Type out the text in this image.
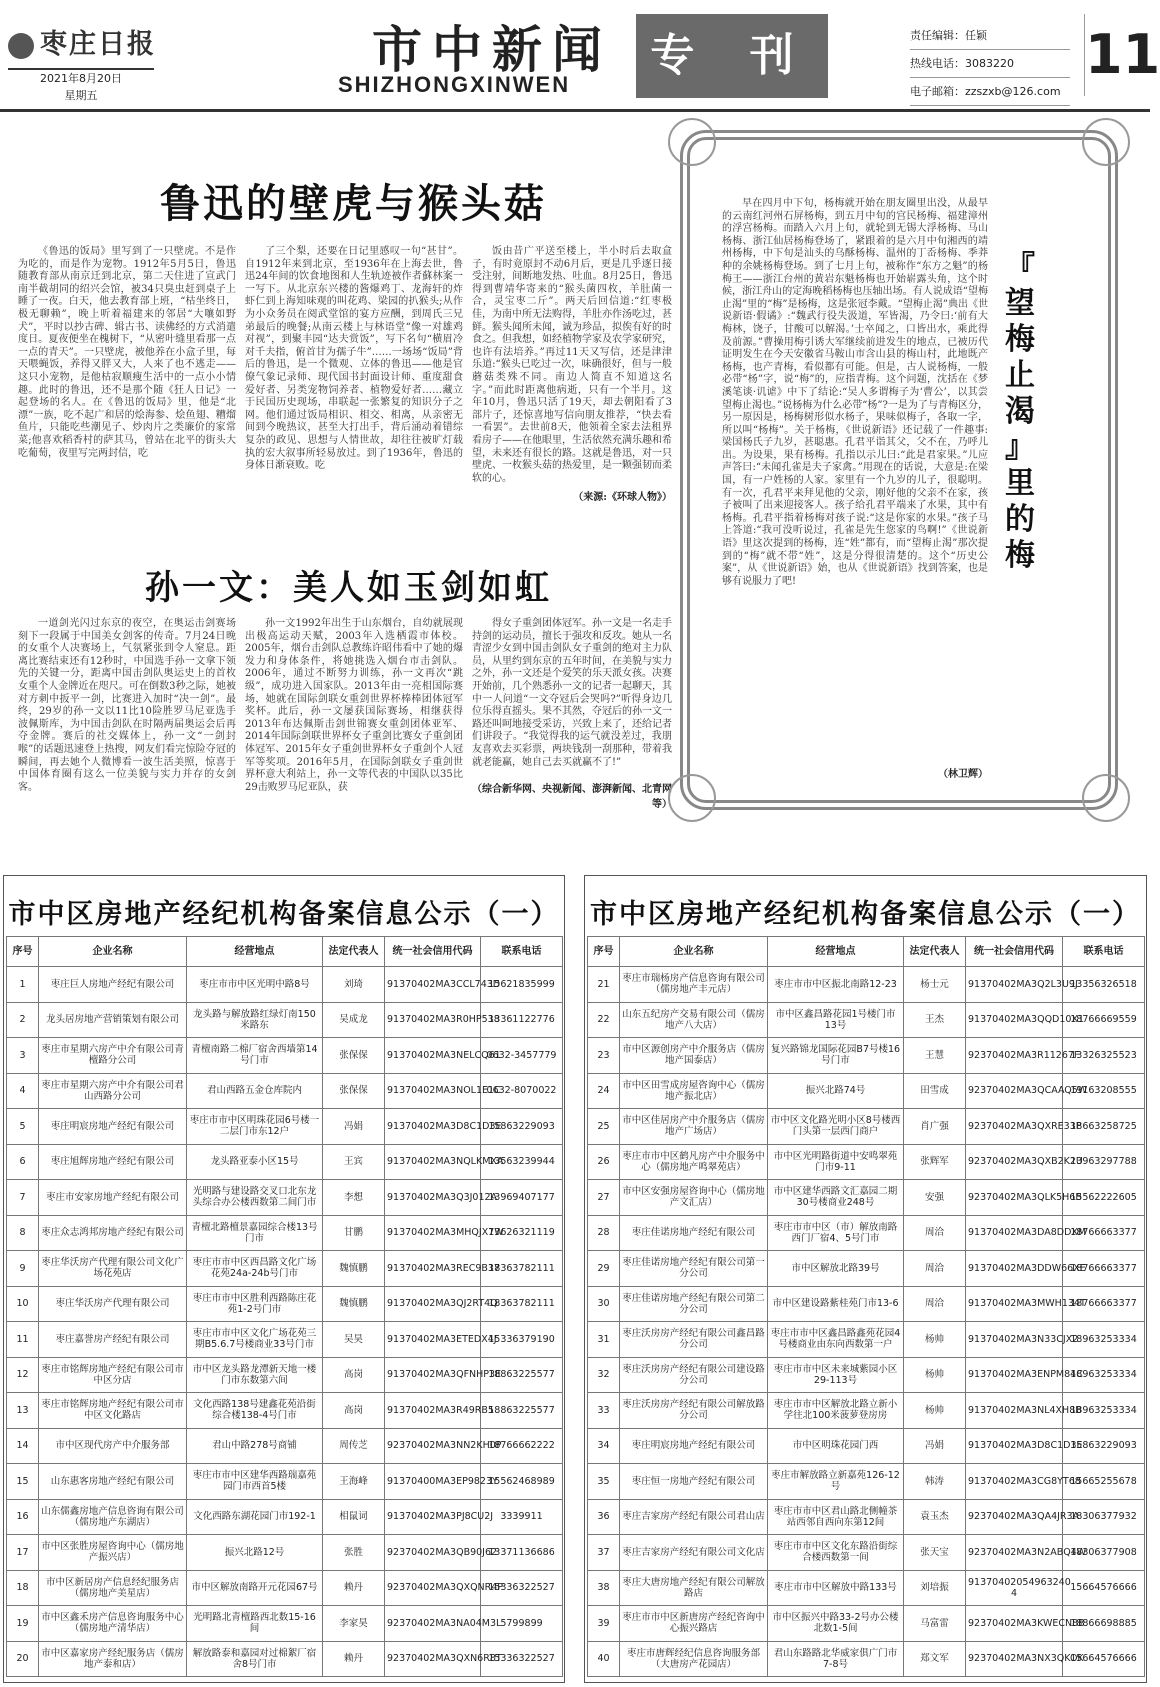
枣庄日报
2021年8月20日
星期五
市中新闻
SHIZHONGXINWEN
专 刊	责任编辑：任颖
热线电话：3083220
电子邮箱：zzszxb@126.com
11
鲁迅的壁虎与猴头菇
《鲁迅的饭局》里写到了一只壁虎。不是作为吃的，而是作为宠物。1912年5月5日，鲁迅随教育部从南京迁到北京，第二天住进了宣武门南半截胡同的绍兴会馆，被34只臭虫赶到桌子上睡了一夜。白天，他去教育部上班，“枯坐终日，极无聊赖”，晚上听着福建来的邻居“大嚷如野犬”，平时以抄古碑、辑古书、读佛经的方式消遣度日。夏夜便坐在槐树下，“从密叶缝里看那一点一点的青天”。一只壁虎，被他养在小盒子里，每天喂蝇饭，养得又胖又大，人来了也不逃走——这只小宠物，是他枯寂顺瘦生活中的一点小小情趣。此时的鲁迅，还不是那个随《狂人日记》一起登场的名人。在《鲁迅的饭局》里，他是“北漂”一族，吃不起广和居的烩海参、烩鱼翅、糟熘鱼片，只能吃些潮见子、炒肉片之类廉价的家常菜;他喜欢稻香村的萨其马，曾站在北平的街头大吃葡萄，夜里写完两封信，吃
了三个梨，还要在日记里感叹一句“甚甘”。自1912年来到北京，至1936年在上海去世，鲁迅24年间的饮食地图和人生轨迹被作者蘇林案一一写下。从北京东兴楼的酱爆鸡丁、龙海轩的炸虾仁到上海知味观的叫花鸡、梁园的扒猴头;从作为小众务员在阅武堂馆的宴方应酬，到周氏三兄弟最后的晚餐;从南云楼上与林语堂“像一对雄鸡对视”，到聚丰园“达夫赏饭”，写下名句“横眉冷对千夫指，俯首甘为孺子牛”……一场场“饭局”背后的鲁迅，是一个微观、立体的鲁迅——他是官僚气象记录师、现代国书封面设计师、重度甜食爱好者、另类宠物饲养者、植物爱好者……藏立于民国历史现场，串联起一张繁复的知识分子之网。他们通过饭局相识、相交、相离，从亲密无间到今晚热议，甚至大打出手，背后涌动着错综复杂的政见、思想与人情世故，却往往被旷灯载执的宏大叙事所轻易放过。到了1936年，鲁迅的身体日渐衰败。吃
饭由昔广平送至楼上，半小时后去取盒子，有时竟原封不动6月后，更是几乎逐日接受注射，间断地发热、吐血。8月25日，鲁迅得到曹靖华寄来的“猴头菌四枚，羊肚菌一合，灵宝枣二斤”。两天后回信道:“红枣极佳，为南中所无法购得，羊肚亦作汤吃过，甚鲜。猴头闻所未闻，诚为珍品，拟俟有好的时食之。但我想，如经植物学家及农学家研究，也许有法培养。”再过11天又写信，还是津津乐道:“猴头已吃过一次，味确很好，但与一般蘑菇类殊不同。南边人简直不知道这名字。”而此时距离他病逝，只有一个半月。这年10月，鲁迅只活了19天，却去朝阳看了3部片子，还惊喜地写信向朋友推荐，“快去看一看罢”。去世前8天，他领着全家去法租界看房子——在他眼里，生活依然充满乐趣和希望，未来还有很长的路。这就是鲁迅，对一只壁虎、一枚猴头菇的热爱里，是一颗强韧而柔软的心。
（来源:《环球人物》）
孙一文：美人如玉剑如虹
一道剑光闪过东京的夜空，在奥运击剑赛场刻下一段属于中国美女剑客的传奇。7月24日晚的女重个人决赛场上，气氛紧张到令人窒息。距离比赛结束还有12秒时，中国选手孙一文拿下领先的关键一分，距离中国击剑队奥运史上的首枚女重个人金牌近在咫尺。可在倒数3秒之际，她被对方刺中扳平一剑，比赛进入加时“决一剑”。最终，29岁的孙一文以11比10险胜罗马尼亚选手波佩斯库，为中国击剑队在时隔两届奥运会后再夺金牌。赛后的社交媒体上，孙一文“一剑封喉”的话题迅速登上热搜，网友们看完惊险夺冠的瞬间，再去她个人微博看一波生活美照，惊喜于中国体育圈有这么一位美貌与实力并存的女剑客。
孙一文1992年出生于山东烟台，自幼就展现出极高运动天赋，2003年入选栖霞市体校。2005年，烟台击剑队总教练许昭伟看中了她的爆发力和身体条件，将她挑选入烟台市击剑队。2006年，通过不断努力训练，孙一文再次“跳级”，成功进入国家队。2013年由一亮相国际赛场，她就在国际剑联女重剑世界杯棒棒团体冠军奖杯。此后，孙一文屡获国际赛场，相继获得2013年布达佩斯击剑世锦赛女重剑团体亚军、2014年国际剑联世界杯女子重剑比赛女子重剑团体冠军、2015年女子重剑世界杯女子重剑个人冠军等奖项。2016年5月，在国际剑联女子重剑世界杯意大利站上，孙一文等代表的中国队以35比29击败罗马尼亚队，获
得女子重剑团体冠军。孙一文是一名走手持剑的运动员，擅长于强攻和反攻。她从一名青涩少女到中国击剑队女子重剑的绝对主力队员，从里约到东京的五年时间，在美貌与实力之外，孙一文还是个爱笑的乐天派女孩。决赛开始前，几个熟悉孙一文的记者一起聊天，其中一人问道“一文夺冠后会哭吗?”听得身边几位乐得直摇头。果不其然，夺冠后的孙一文一路还叫呵地接受采访，兴致上来了，还给记者们讲段子。“我觉得我的运气就没差过，我朋友喜欢去买彩票，两块钱刮一刮那种，带着我就老能赢，她自己去买就赢不了!”
（综合新华网、央视新闻、澎湃新闻、北青网等）
早在四月中下旬，杨梅就开始在朋友圈里出没，从最早的云南红河州石屏杨梅，到五月中旬的宫民杨梅、福建漳州的浮宫杨梅。而踏入六月上旬，就轮到无锡大浮杨梅、马山杨梅、浙江仙居杨梅登场了，紧跟着的是六月中旬湘西的靖州杨梅，中下旬是汕头的乌酥杨梅、温州的丁岙杨梅、季莽种的余姚杨梅登场。到了七月上旬，被称作“东方之魁”的杨梅王——浙江台州的黄岩东魁杨梅也开始崭露头角，这个时候，浙江舟山的定海晚稻杨梅也压轴出场。有人说成语“望梅止渴”里的“梅”是杨梅，这是张冠李戴。“望梅止渴”典出《世说新语·假谲》:“魏武行役失汲道，军皆渴，乃令曰:‘前有大梅林，饶子，甘酸可以解渴。’士卒闻之，口皆出水，乘此得及前源。”曹操用梅引诱大军继续前进发生的地点，已被历代证明发生在今天安徽省马鞍山市含山县的梅山村，此地既产杨梅，也产青梅，看似都有可能。但是，古人说杨梅，一般必带“杨”字，说“梅”的，应指青梅。这个问题，沈括在《梦溪笔谈·讥谑》中下了结论:“吴人多谓梅子为‘曹公’，以其尝望梅止渴也。”说杨梅为什么必带“杨”?一是为了与青梅区分，另一原因是，杨梅树形似水杨子，果味似梅子，各取一字，所以叫“杨梅”。关于杨梅，《世说新语》还记载了一件趣事:梁国杨氏子九岁，甚聪惠。孔君平诣其父，父不在，乃呼儿出。为设果，果有杨梅。孔指以示儿曰:“此是君家果。”儿应声答曰:“未闻孔雀是夫子家禽。”用现在的话说，大意是:在梁国，有一户姓杨的人家。家里有一个九岁的儿子，很聪明。有一次，孔君平来拜见他的父亲，刚好他的父亲不在家，孩子被叫了出来迎接客人。孩子给孔君平端来了水果，其中有杨梅。孔君平指着杨梅对孩子说:“这是你家的水果。”孩子马上答道:“我可没听说过，孔雀是先生您家的鸟啊!”《世说新语》里这次提到的杨梅，连“姓”都有，而“望梅止渴”那次提到的“梅”就不带“姓”，这是分得很清楚的。这个“历史公案”，从《世说新语》始，也从《世说新语》找到答案，也是够有说服力了吧!
（林卫辉）
『
望
梅
止
渴
』
里
的
梅
市中区房地产经纪机构备案信息公示（一）
序号	企业名称	经营地点	法定代表人	统一社会信用代码	联系电话
1	枣庄巨人房地产经纪有限公司	枣庄市市中区光明中路8号	刘琦	91370402MA3CCL743D	15621835999
2	龙头居房地产营销策划有限公司	龙头路与解放路红绿灯南150米路东	吴成龙	91370402MA3R0HP538	13361122776
3	枣庄市星期六房产中介有限公司青檀路分公司	青檀南路二棉厂宿舍西墙第14号门市	张保保	91370402MA3NELCQ61	0632-3457779
4	枣庄市星期六房产中介有限公司君山西路分公司	君山西路五金仓库院内	张保保	91370402MA3NOL1E1C	0632-8070022
5	枣庄明宸房地产经纪有限公司	枣庄市市中区明珠花园6号楼一二层门市东12户	冯娟	91370402MA3D8C1D3E	15863229093
6	枣庄旭辉房地产经纪有限公司	龙头路亚泰小区15号	王宾	91370402MA3NQLKMXA	13563239944
7	枣庄市安家房地产经纪有限公司	光明路与建设路交叉口北东龙头综合办公楼西数第二间门市	李想	91370402MA3Q3J012A	13969407177
8	枣庄众志鸿邦房地产经纪有限公司	青檀北路檀景嘉园综合楼13号门市	甘鹏	91370402MA3MHQJX7W	13626321119
9	枣庄华沃房产代理有限公司文化广场花苑店	枣庄市市中区西昌路文化广场花苑24a-24b号门市	魏慎鹏	91370402MA3REC9B37	18363782111
10	枣庄华沃房产代理有限公司	枣庄市市中区胜利西路陈庄花苑1-2号门市	魏慎鹏	91370402MA3QJ2RT4Q	18363782111
11	枣庄嘉誉房产经纪有限公司	枣庄市市中区文化广场花苑三期B5.6.7号楼商业33号门市	吴昊	91370402MA3ETEDX4J	15336379190
12	枣庄市铭辉房地产经纪有限公司市中区分店	市中区龙头路龙潭新天地一楼门市东数第六间	高岗	91370402MA3QFNHP3E	18863225577
13	枣庄市铭辉房地产经纪有限公司市中区文化路店	文化西路138号建鑫花苑沿街综合楼138-4号门市	高岗	91370402MA3R49RB5	18863225577
14	市中区现代房产中介服务部	君山中路278号商铺	周传芝	92370402MA3NN2KH0P	18766662222
15	山东惠客房地产经纪有限公司	枣庄市市中区建华西路瑞嘉苑园门市西首5楼	王海峰	91370400MA3EP9823Y	15562468989
16	山东儒鑫房地产信息咨询有限公司（儒房地产东湖店）	文化西路东湖花园门市192-1	相鼠词	91370402MA3PJ8CU2J	3339911
17	市中区张胜房屋咨询中心（儒房地产振兴店）	振兴北路12号	张胜	92370402MA3QB90J62	13371136686
18	市中区新居房产信息经纪服务店（儒房地产美星店）	市中区解放南路开元花园67号	赖丹	92370402MA3QXQNR4P	15336322527
19	市中区鑫禾房产信息咨询服务中心（儒房地产清华店）	光明路北青檀路西北数15-16间	李家昊	92370402MA3NA04M3L	5799899
20	市中区嘉家房产经纪服务店（儒房地产泰和店）	解放路泰和嘉园对过棉絮厂宿舍8号门市	赖丹	92370402MA3QXN6R8T	15336322527
市中区房地产经纪机构备案信息公示（一）
序号	企业名称	经营地点	法定代表人	统一社会信用代码	联系电话
21	枣庄市瑞杨房产信息咨询有限公司（儒房地产丰元店）	枣庄市市中区振北南路12-23	杨士元	91370402MA3Q2L3U9J	13356326518
22	山东五纪房产交易有限公司（儒房地产八大店）	市中区鑫昌路花园1号楼门市13号	王杰	91370402MA3QQD10X1	18766669559
23	市中区源创房产中介服务店（儒房地产国泰店）	复兴路锦龙国际花园B7号楼16号门市	王慧	92370402MA3R11267F	13326325523
24	市中区田雪成房屋咨询中心（儒房地产振北店）	振兴北路74号	田雪成	92370402MA3QCAAQ5W	19163208555
25	市中区佳居房产中介服务店（儒房地产广场店）	市中区文化路光明小区8号楼西门头第一层西门商户	肖广强	92370402MA3QXRE33P	18663258725
26	枣庄市市中区鹤凡房产中介服务中心（儒房地产鸣翠苑店）	市中区光明路街道中安鸣翠苑门市9-11	张辉军	92370402MA3QXB2K2U	13963297788
27	市中区安强房屋咨询中心（儒房地产文汇店）	市中区建华西路文汇嘉园二期30号楼商业248号	安强	92370402MA3QLK5H6B	15562222605
28	枣庄佳诺房地产经纪有限公司	枣庄市市中区（市）解放南路西门厂宿4、5号门市	周洽	91370402MA3DA8DDXM	18766663377
29	枣庄佳诺房地产经纪有限公司第一分公司	市中区解放北路39号	周洽	91370402MA3DDW66XE	18766663377
30	枣庄佳诺房地产经纪有限公司第二分公司	市中区建设路紫桂苑门市13-6	周洽	91370402MA3MWH134T	18766663377
31	枣庄沃房房产经纪有限公司鑫昌路分公司	枣庄市市中区鑫昌路鑫苑花园4号楼商业由东向西数第一户	杨帅	91370402MA3N33CJX2	18963253334
32	枣庄沃房房产经纪有限公司建设路分公司	枣庄市市中区未来城紫园小区29-113号	杨帅	91370402MA3ENPM84C	18963253334
33	枣庄沃房房产经纪有限公司解放路分公司	枣庄市市中区解放北路立新小学往北100米菠萝登房房	杨帅	91370402MA3NL4XH8B	18963253334
34	枣庄明宸房地产经纪有限公司	市中区明珠花园门西	冯娟	91370402MA3D8C1D3E	15863229093
35	枣庄恒一房地产经纪有限公司	枣庄市解放路立新嘉苑126-12号	韩涛	91370402MA3CG8YT68	15665255678
36	枣庄吉家房产经纪有限公司君山店	枣庄市市中区君山路北侧幢茶站西邻自西向东第12间	袁玉杰	92370402MA3QA4JR3A	18306377932
37	枣庄吉家房产经纪有限公司文化店	枣庄市市中区文化东路沿街综合楼西数第一间	张天宝	92370402MA3N2ABQ4W	18306377908
38	枣庄大唐房地产经纪有限公司解放路店	枣庄市市中区解放中路133号	刘培振	91370402054963240​4	15664576666
39	枣庄市市中区新唐房产经纪咨询中心振兴路店	市中区振兴中路33-2号办公楼北数1-5间	马富雷	92370402MA3KWECN8B	18866698885
40	枣庄市唐辉经纪信息咨询服务部（大唐房产花园店）	君山东路路北华威家俱广门市7-8号	郑文军	92370402MA3NX3QKOK	15664576666
